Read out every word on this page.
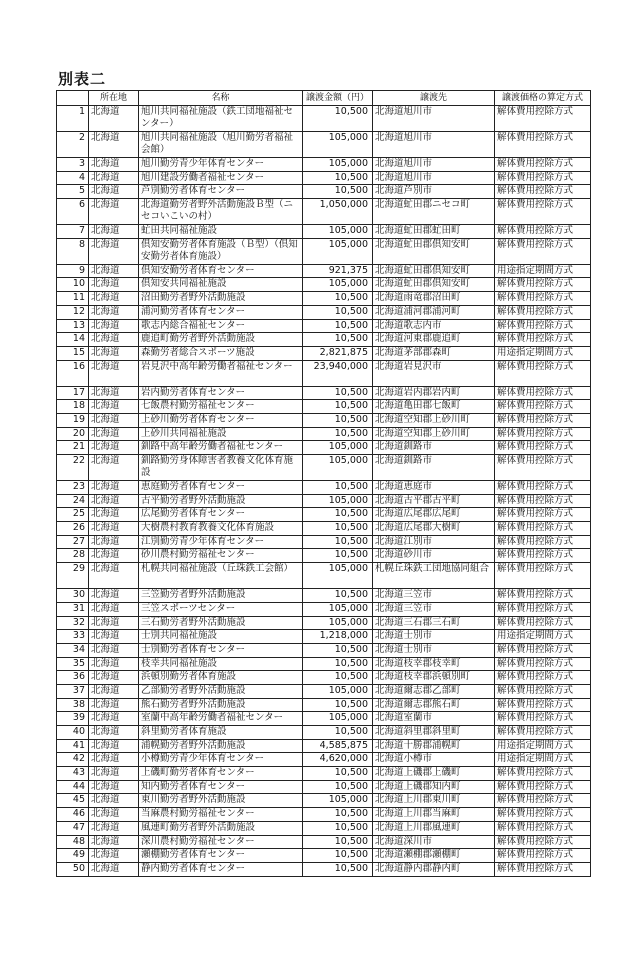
別表二
	所在地	名称	譲渡金額（円）	譲渡先	譲渡価格の算定方式
1	北海道	旭川共同福祉施設（鉄工団地福祉センター）	10,500	北海道旭川市	解体費用控除方式
2	北海道	旭川共同福祉施設（旭川勤労者福祉会館）	105,000	北海道旭川市	解体費用控除方式
3	北海道	旭川勤労青少年体育センター	105,000	北海道旭川市	解体費用控除方式
4	北海道	旭川建設労働者福祉センター	10,500	北海道旭川市	解体費用控除方式
5	北海道	芦別勤労者体育センター	10,500	北海道芦別市	解体費用控除方式
6	北海道	北海道勤労者野外活動施設Ｂ型（ニセコいこいの村）	1,050,000	北海道虻田郡ニセコ町	解体費用控除方式
7	北海道	虻田共同福祉施設	105,000	北海道虻田郡虻田町	解体費用控除方式
8	北海道	倶知安勤労者体育施設（Ｂ型）（倶知安勤労者体育施設）	105,000	北海道虻田郡倶知安町	解体費用控除方式
9	北海道	倶知安勤労者体育センター	921,375	北海道虻田郡倶知安町	用途指定期間方式
10	北海道	倶知安共同福祉施設	105,000	北海道虻田郡倶知安町	解体費用控除方式
11	北海道	沼田勤労者野外活動施設	10,500	北海道雨竜郡沼田町	解体費用控除方式
12	北海道	浦河勤労者体育センター	10,500	北海道浦河郡浦河町	解体費用控除方式
13	北海道	歌志内総合福祉センター	10,500	北海道歌志内市	解体費用控除方式
14	北海道	鹿追町勤労者野外活動施設	10,500	北海道河東郡鹿追町	解体費用控除方式
15	北海道	森勤労者総合スポーツ施設	2,821,875	北海道茅部郡森町	用途指定期間方式
16	北海道	岩見沢中高年齢労働者福祉センター	23,940,000	北海道岩見沢市	解体費用控除方式
17	北海道	岩内勤労者体育センター	10,500	北海道岩内郡岩内町	解体費用控除方式
18	北海道	七飯農村勤労福祉センター	10,500	北海道亀田郡七飯町	解体費用控除方式
19	北海道	上砂川勤労者体育センター	10,500	北海道空知郡上砂川町	解体費用控除方式
20	北海道	上砂川共同福祉施設	10,500	北海道空知郡上砂川町	解体費用控除方式
21	北海道	釧路中高年齢労働者福祉センター	105,000	北海道釧路市	解体費用控除方式
22	北海道	釧路勤労身体障害者教養文化体育施設	105,000	北海道釧路市	解体費用控除方式
23	北海道	恵庭勤労者体育センター	10,500	北海道恵庭市	解体費用控除方式
24	北海道	古平勤労者野外活動施設	105,000	北海道古平郡古平町	解体費用控除方式
25	北海道	広尾勤労者体育センター	10,500	北海道広尾郡広尾町	解体費用控除方式
26	北海道	大樹農村教育教養文化体育施設	10,500	北海道広尾郡大樹町	解体費用控除方式
27	北海道	江別勤労青少年体育センター	10,500	北海道江別市	解体費用控除方式
28	北海道	砂川農村勤労福祉センター	10,500	北海道砂川市	解体費用控除方式
29	北海道	札幌共同福祉施設（丘珠鉄工会館）	105,000	札幌丘珠鉄工団地協同組合	解体費用控除方式
30	北海道	三笠勤労者野外活動施設	10,500	北海道三笠市	解体費用控除方式
31	北海道	三笠スポーツセンター	105,000	北海道三笠市	解体費用控除方式
32	北海道	三石勤労者野外活動施設	105,000	北海道三石郡三石町	解体費用控除方式
33	北海道	士別共同福祉施設	1,218,000	北海道士別市	用途指定期間方式
34	北海道	士別勤労者体育センター	10,500	北海道士別市	解体費用控除方式
35	北海道	枝幸共同福祉施設	10,500	北海道枝幸郡枝幸町	解体費用控除方式
36	北海道	浜頓別勤労者体育施設	10,500	北海道枝幸郡浜頓別町	解体費用控除方式
37	北海道	乙部勤労者野外活動施設	105,000	北海道爾志郡乙部町	解体費用控除方式
38	北海道	熊石勤労者野外活動施設	10,500	北海道爾志郡熊石町	解体費用控除方式
39	北海道	室蘭中高年齢労働者福祉センター	105,000	北海道室蘭市	解体費用控除方式
40	北海道	斜里勤労者体育施設	10,500	北海道斜里郡斜里町	解体費用控除方式
41	北海道	浦幌勤労者野外活動施設	4,585,875	北海道十勝郡浦幌町	用途指定期間方式
42	北海道	小樽勤労青少年体育センター	4,620,000	北海道小樽市	用途指定期間方式
43	北海道	上磯町勤労者体育センター	10,500	北海道上磯郡上磯町	解体費用控除方式
44	北海道	知内勤労者体育センター	10,500	北海道上磯郡知内町	解体費用控除方式
45	北海道	東川勤労者野外活動施設	105,000	北海道上川郡東川町	解体費用控除方式
46	北海道	当麻農村勤労福祉センター	10,500	北海道上川郡当麻町	解体費用控除方式
47	北海道	風連町勤労者野外活動施設	10,500	北海道上川郡風連町	解体費用控除方式
48	北海道	深川農村勤労福祉センター	10,500	北海道深川市	解体費用控除方式
49	北海道	瀬棚勤労者体育センター	10,500	北海道瀬棚郡瀬棚町	解体費用控除方式
50	北海道	静内勤労者体育センター	10,500	北海道静内郡静内町	解体費用控除方式
